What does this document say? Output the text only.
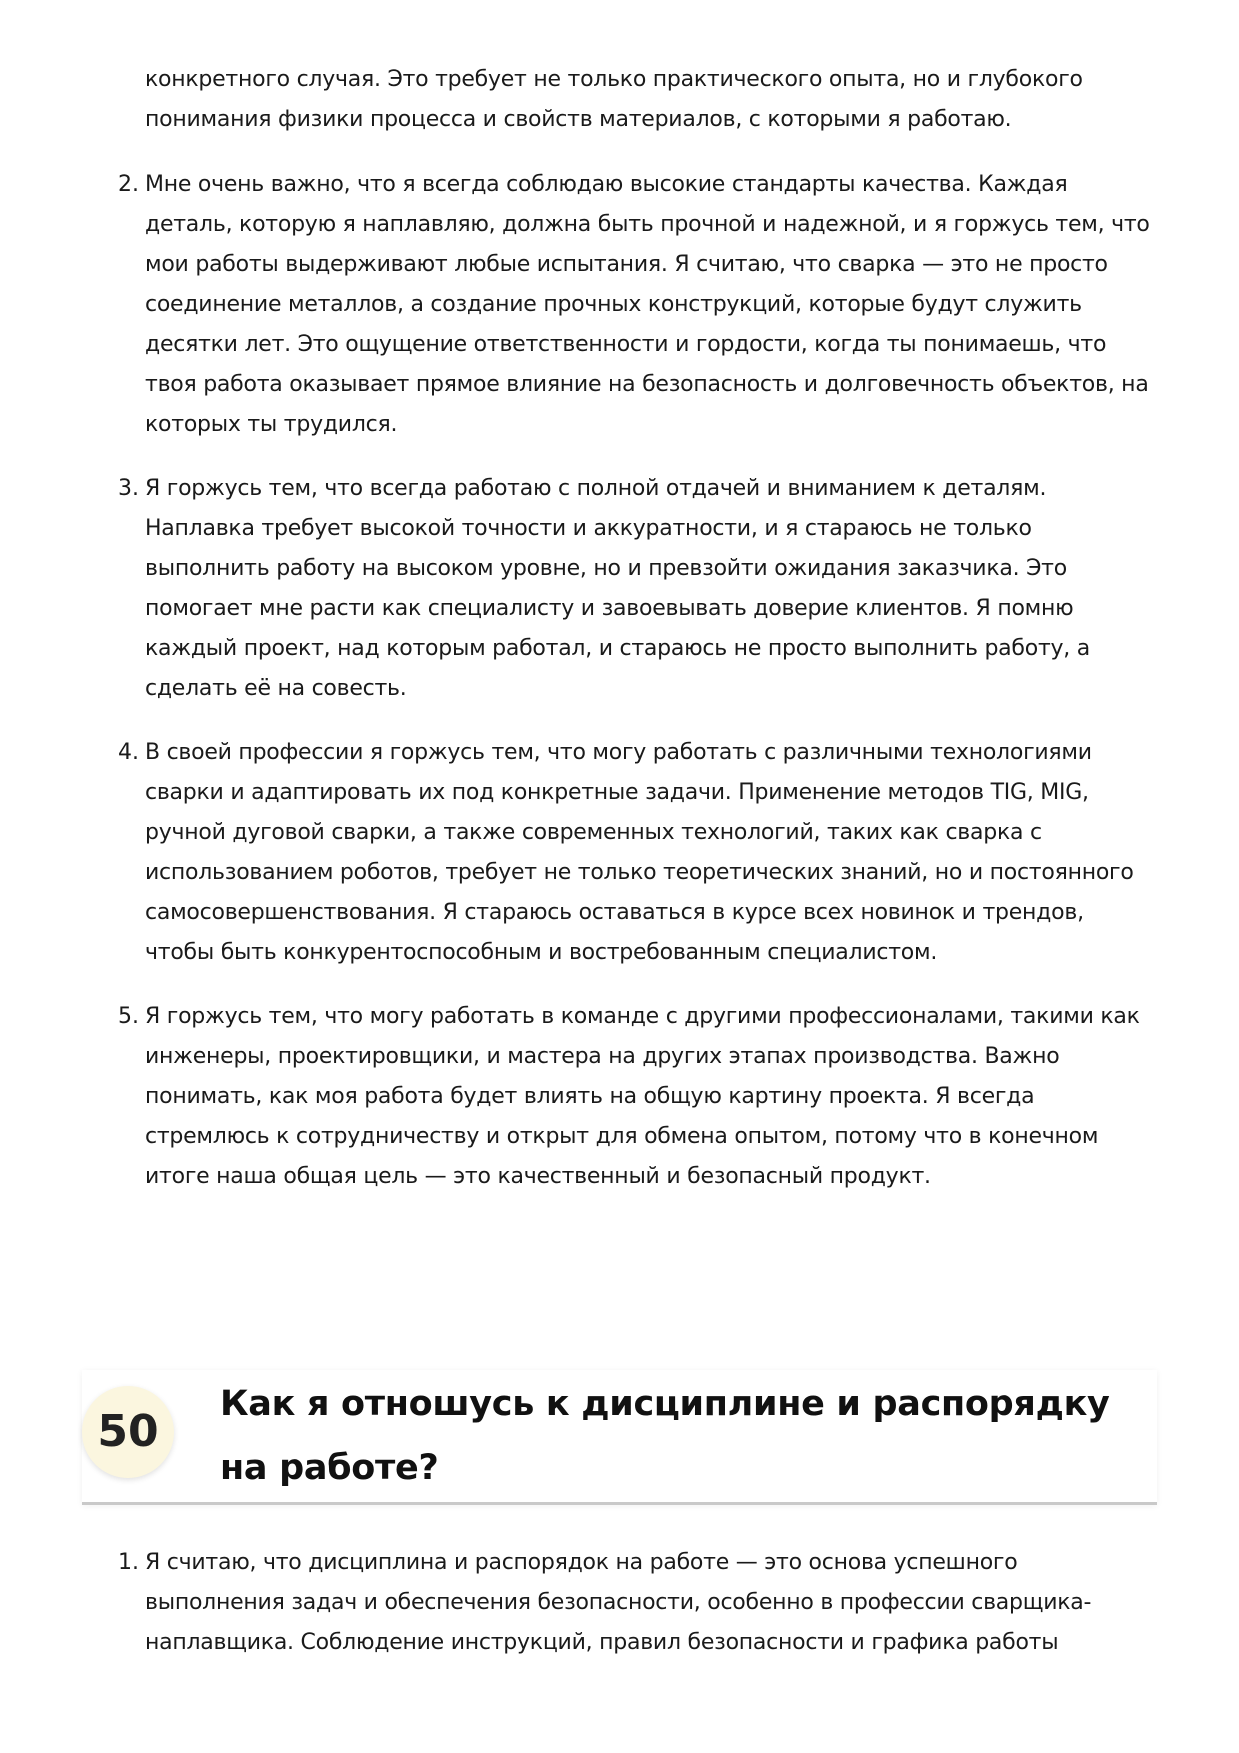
конкретного случая. Это требует не только практического опыта, но и глубокого понимания физики процесса и свойств материалов, с которыми я работаю.
2. Мне очень важно, что я всегда соблюдаю высокие стандарты качества. Каждая деталь, которую я наплавляю, должна быть прочной и надежной, и я горжусь тем, что мои работы выдерживают любые испытания. Я считаю, что сварка — это не просто соединение металлов, а создание прочных конструкций, которые будут служить десятки лет. Это ощущение ответственности и гордости, когда ты понимаешь, что твоя работа оказывает прямое влияние на безопасность и долговечность объектов, на которых ты трудился.
3. Я горжусь тем, что всегда работаю с полной отдачей и вниманием к деталям. Наплавка требует высокой точности и аккуратности, и я стараюсь не только выполнить работу на высоком уровне, но и превзойти ожидания заказчика. Это помогает мне расти как специалисту и завоевывать доверие клиентов. Я помню каждый проект, над которым работал, и стараюсь не просто выполнить работу, а сделать её на совесть.
4. В своей профессии я горжусь тем, что могу работать с различными технологиями сварки и адаптировать их под конкретные задачи. Применение методов TIG, MIG, ручной дуговой сварки, а также современных технологий, таких как сварка с использованием роботов, требует не только теоретических знаний, но и постоянного самосовершенствования. Я стараюсь оставаться в курсе всех новинок и трендов, чтобы быть конкурентоспособным и востребованным специалистом.
5. Я горжусь тем, что могу работать в команде с другими профессионалами, такими как инженеры, проектировщики, и мастера на других этапах производства. Важно понимать, как моя работа будет влиять на общую картину проекта. Я всегда стремлюсь к сотрудничеству и открыт для обмена опытом, потому что в конечном итоге наша общая цель — это качественный и безопасный продукт.
50
Как я отношусь к дисциплине и распорядку на работе?
1. Я считаю, что дисциплина и распорядок на работе — это основа успешного выполнения задач и обеспечения безопасности, особенно в профессии сварщика-наплавщика. Соблюдение инструкций, правил безопасности и графика работы
